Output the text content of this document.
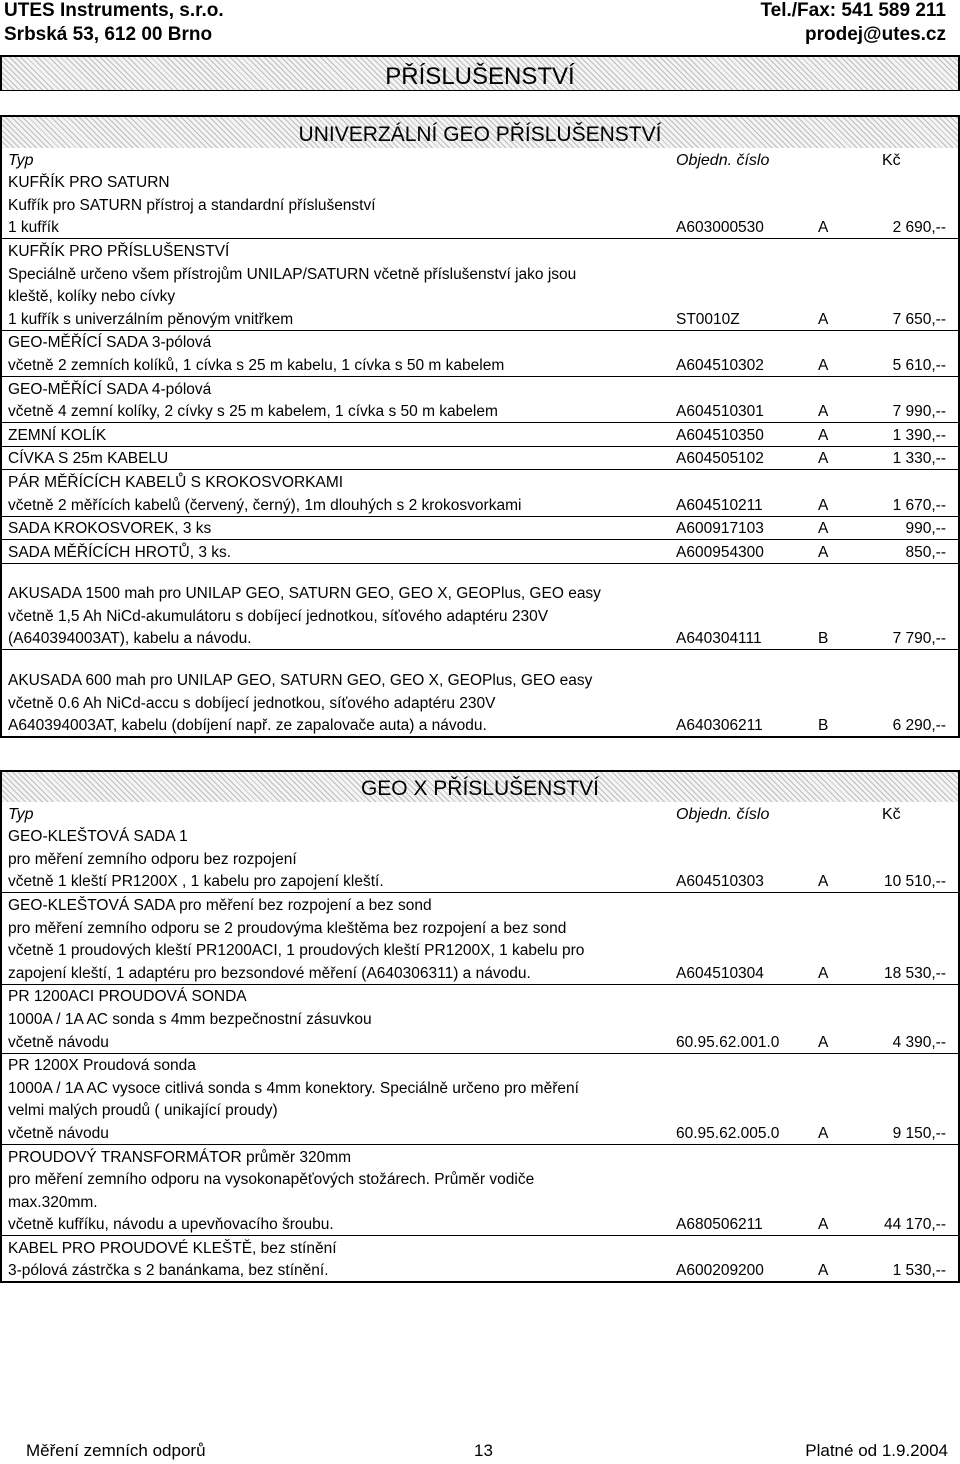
UTES Instruments, s.r.o.
Srbská 53, 612 00 Brno
Tel./Fax: 541 589 211
prodej@utes.cz
PŘÍSLUŠENSTVÍ
UNIVERZÁLNÍ GEO PŘÍSLUŠENSTVÍ
Typ	Objedn. číslo	Kč
KUFŘÍK PRO SATURN
Kufřík pro SATURN přístroj a standardní příslušenství
1 kufřík	A603000530	A	2 690,--
KUFŘÍK PRO PŘÍSLUŠENSTVÍ
Speciálně určeno všem přístrojům UNILAP/SATURN včetně příslušenství jako jsou
kleště, kolíky nebo cívky
1 kufřík s univerzálním pěnovým vnitřkem	ST0010Z	A	7 650,--
GEO-MĚŘÍCÍ SADA 3-pólová
včetně 2 zemních kolíků, 1 cívka s 25 m kabelu, 1 cívka s 50 m kabelem	A604510302	A	5 610,--
GEO-MĚŘÍCÍ SADA 4-pólová
včetně 4 zemní kolíky, 2 cívky s 25 m kabelem, 1 cívka s 50 m kabelem	A604510301	A	7 990,--
ZEMNÍ KOLÍK	A604510350	A	1 390,--
CÍVKA S 25m KABELU	A604505102	A	1 330,--
PÁR MĚŘÍCÍCH KABELŮ S KROKOSVORKAMI
včetně 2 měřících kabelů (červený, černý), 1m dlouhých s 2 krokosvorkami	A604510211	A	1 670,--
SADA KROKOSVOREK, 3 ks	A600917103	A	990,--
SADA MĚŘÍCÍCH HROTŮ, 3 ks.	A600954300	A	850,--
AKUSADA 1500 mah pro UNILAP GEO, SATURN GEO, GEO X, GEOPlus, GEO easy
včetně 1,5 Ah NiCd-akumulátoru s dobíjecí jednotkou, síťového adaptéru 230V
(A640394003AT), kabelu a návodu.	A640304111	B	7 790,--
AKUSADA 600 mah pro UNILAP GEO, SATURN GEO, GEO X, GEOPlus, GEO easy
včetně 0.6 Ah NiCd-accu s dobíjecí jednotkou, síťového adaptéru 230V
A640394003AT, kabelu (dobíjení např. ze zapalovače auta) a návodu.	A640306211	B	6 290,--
GEO X PŘÍSLUŠENSTVÍ
Typ	Objedn. číslo	Kč
GEO-KLEŠTOVÁ SADA 1
pro měření zemního odporu bez rozpojení
včetně 1 kleští PR1200X , 1 kabelu pro zapojení kleští.	A604510303	A	10 510,--
GEO-KLEŠTOVÁ SADA pro měření bez rozpojení a bez sond
pro měření zemního odporu se 2 proudovýma kleštěma bez rozpojení a bez sond
včetně 1 proudových kleští PR1200ACI, 1 proudových kleští PR1200X, 1 kabelu pro
zapojení kleští, 1 adaptéru pro bezsondové měření (A640306311) a návodu.	A604510304	A	18 530,--
PR 1200ACI PROUDOVÁ SONDA
1000A / 1A AC sonda s 4mm bezpečnostní zásuvkou
včetně návodu	60.95.62.001.0 A	4 390,--
PR 1200X Proudová sonda
1000A / 1A AC vysoce citlivá sonda s 4mm konektory. Speciálně určeno pro měření
velmi malých proudů ( unikající proudy)
včetně návodu	60.95.62.005.0 A	9 150,--
PROUDOVÝ TRANSFORMÁTOR průměr 320mm
pro měření zemního odporu na vysokonapěťových stožárech. Průměr vodiče
max.320mm.
včetně kufříku, návodu a upevňovacího šroubu.	A680506211	A	44 170,--
KABEL PRO PROUDOVÉ KLEŠTĚ, bez stínění
3-pólová zástrčka s 2 banánkama, bez stínění.	A600209200	A	1 530,--
Měření zemních odporů	13	Platné od 1.9.2004
